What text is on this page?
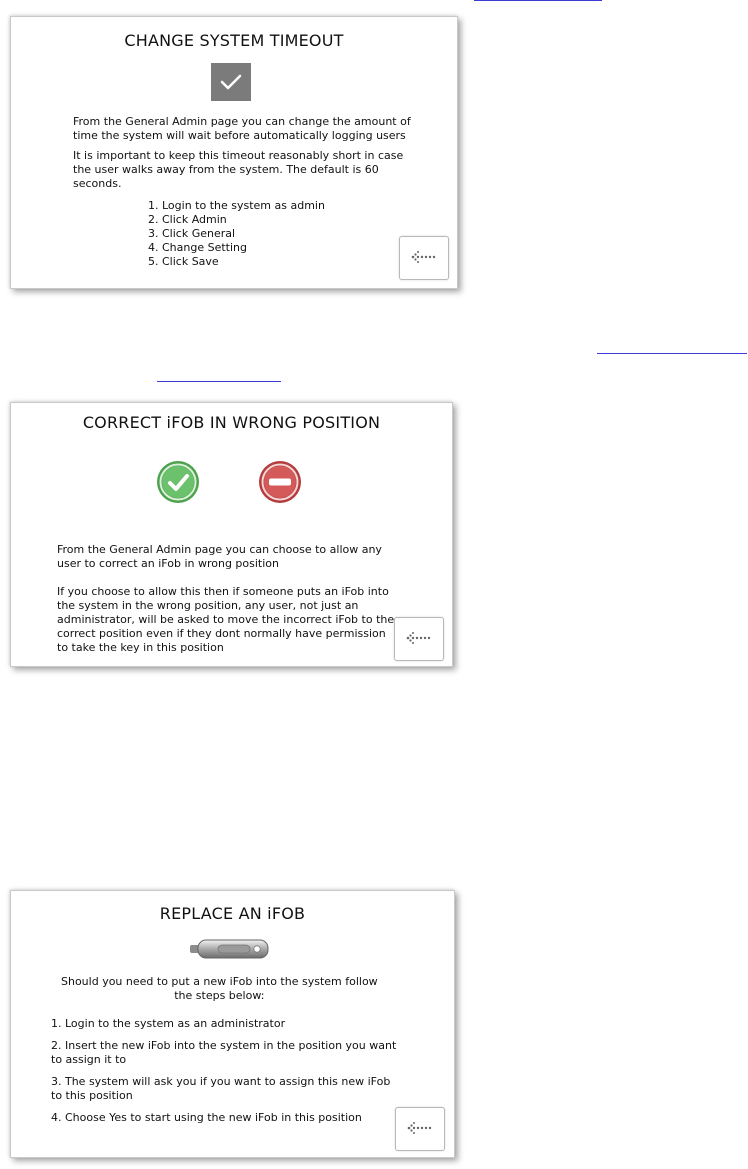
CHANGE SYSTEM TIMEOUT

From the General Admin page you can change the amount of
time the system will wait before automatically logging users

It is important to keep this timeout reasonably short in case
the user walks away from the system. The default is 60
seconds.

1. Login to the system as admin
2. Click Admin
3. Click General
4. Change Setting
5. Click Save
CORRECT iFOB IN WRONG POSITION

From the General Admin page you can choose to allow any
user to correct an iFob in wrong position

If you choose to allow this then if someone puts an iFob into
the system in the wrong position, any user, not just an
administrator, will be asked to move the incorrect iFob to the
correct position even if they dont normally have permission
to take the key in this position

REPLACE AN iFOB

Should you need to put a new iFob into the system follow
the steps below:

1. Login to the system as an administrator
2. Insert the new iFob into the system in the position you want
to assign it to
3. The system will ask you if you want to assign this new iFob
to this position
4. Choose Yes to start using the new iFob in this position
